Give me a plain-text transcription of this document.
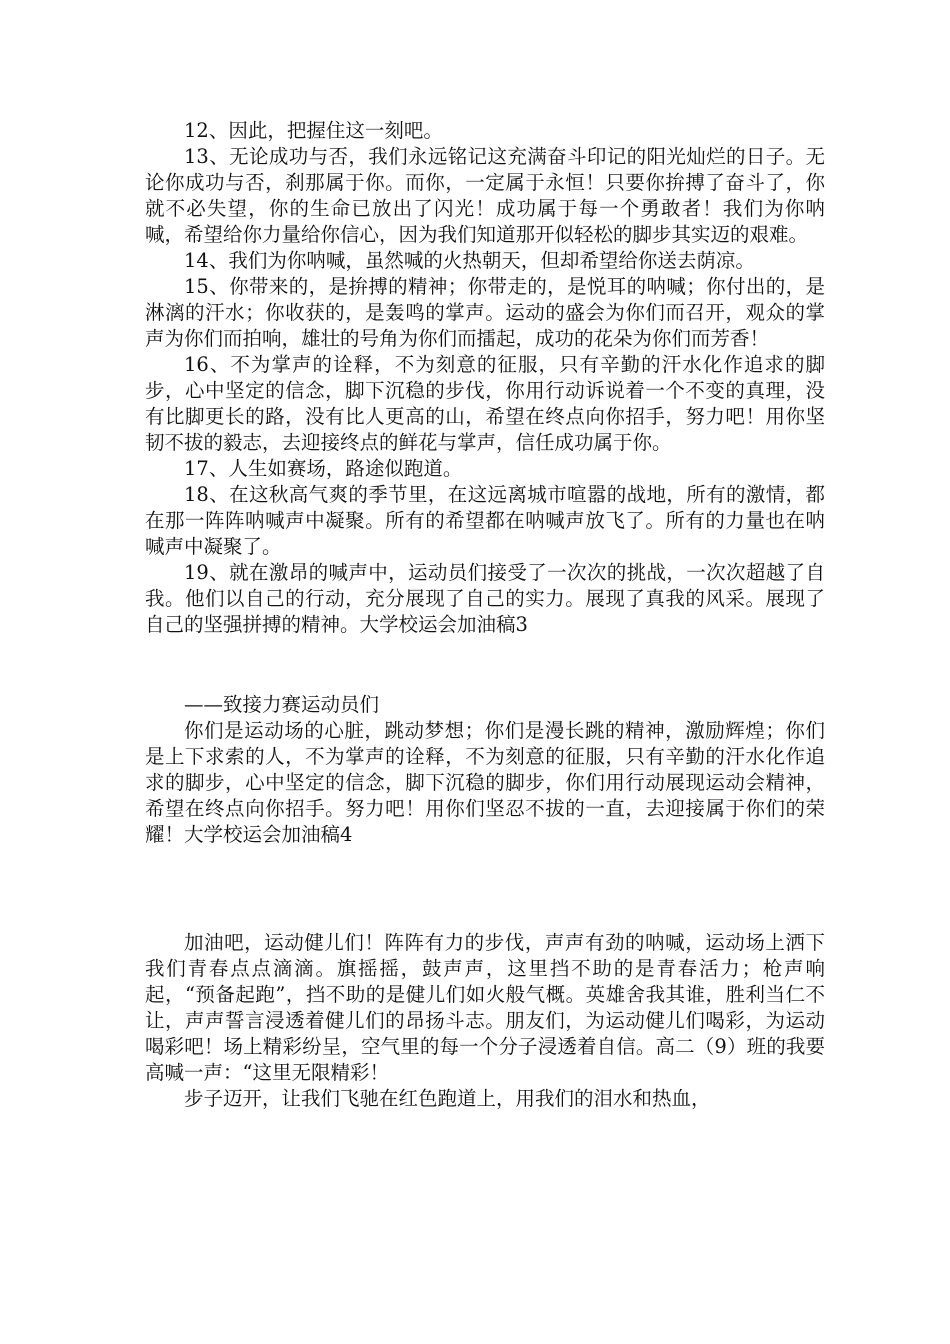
12、因此，把握住这一刻吧。

13、无论成功与否，我们永远铭记这充满奋斗印记的阳光灿烂的日子。无论你成功与否，刹那属于你。而你，一定属于永恒！只要你拚搏了奋斗了，你就不必失望，你的生命已放出了闪光！成功属于每一个勇敢者！我们为你呐喊，希望给你力量给你信心，因为我们知道那开似轻松的脚步其实迈的艰难。

14、我们为你呐喊，虽然喊的火热朝天，但却希望给你送去荫凉。

15、你带来的，是拚搏的精神；你带走的，是悦耳的呐喊；你付出的，是淋漓的汗水；你收获的，是轰鸣的掌声。运动的盛会为你们而召开，观众的掌声为你们而拍响，雄壮的号角为你们而擂起，成功的花朵为你们而芳香！

16、不为掌声的诠释，不为刻意的征服，只有辛勤的汗水化作追求的脚步，心中坚定的信念，脚下沉稳的步伐，你用行动诉说着一个不变的真理，没有比脚更长的路，没有比人更高的山，希望在终点向你招手，努力吧！用你坚韧不拔的毅志，去迎接终点的鲜花与掌声，信任成功属于你。

17、人生如赛场，路途似跑道。

18、在这秋高气爽的季节里，在这远离城市喧嚣的战地，所有的激情，都在那一阵阵呐喊声中凝聚。所有的希望都在呐喊声放飞了。所有的力量也在呐喊声中凝聚了。

19、就在激昂的喊声中，运动员们接受了一次次的挑战，一次次超越了自我。他们以自己的行动，充分展现了自己的实力。展现了真我的风采。展现了自己的坚强拼搏的精神。大学校运会加油稿3

——致接力赛运动员们

你们是运动场的心脏，跳动梦想；你们是漫长跳的精神，激励辉煌；你们是上下求索的人，不为掌声的诠释，不为刻意的征服，只有辛勤的汗水化作追求的脚步，心中坚定的信念，脚下沉稳的脚步，你们用行动展现运动会精神，希望在终点向你招手。努力吧！用你们坚忍不拔的一直，去迎接属于你们的荣耀！大学校运会加油稿4

加油吧，运动健儿们！阵阵有力的步伐，声声有劲的呐喊，运动场上洒下我们青春点点滴滴。旗摇摇，鼓声声，这里挡不助的是青春活力；枪声响起，“预备起跑”，挡不助的是健儿们如火般气概。英雄舍我其谁，胜利当仁不让，声声誓言浸透着健儿们的昂扬斗志。朋友们，为运动健儿们喝彩，为运动喝彩吧！场上精彩纷呈，空气里的每一个分子浸透着自信。高二（9）班的我要高喊一声：“这里无限精彩！

步子迈开，让我们飞驰在红色跑道上，用我们的泪水和热血，
